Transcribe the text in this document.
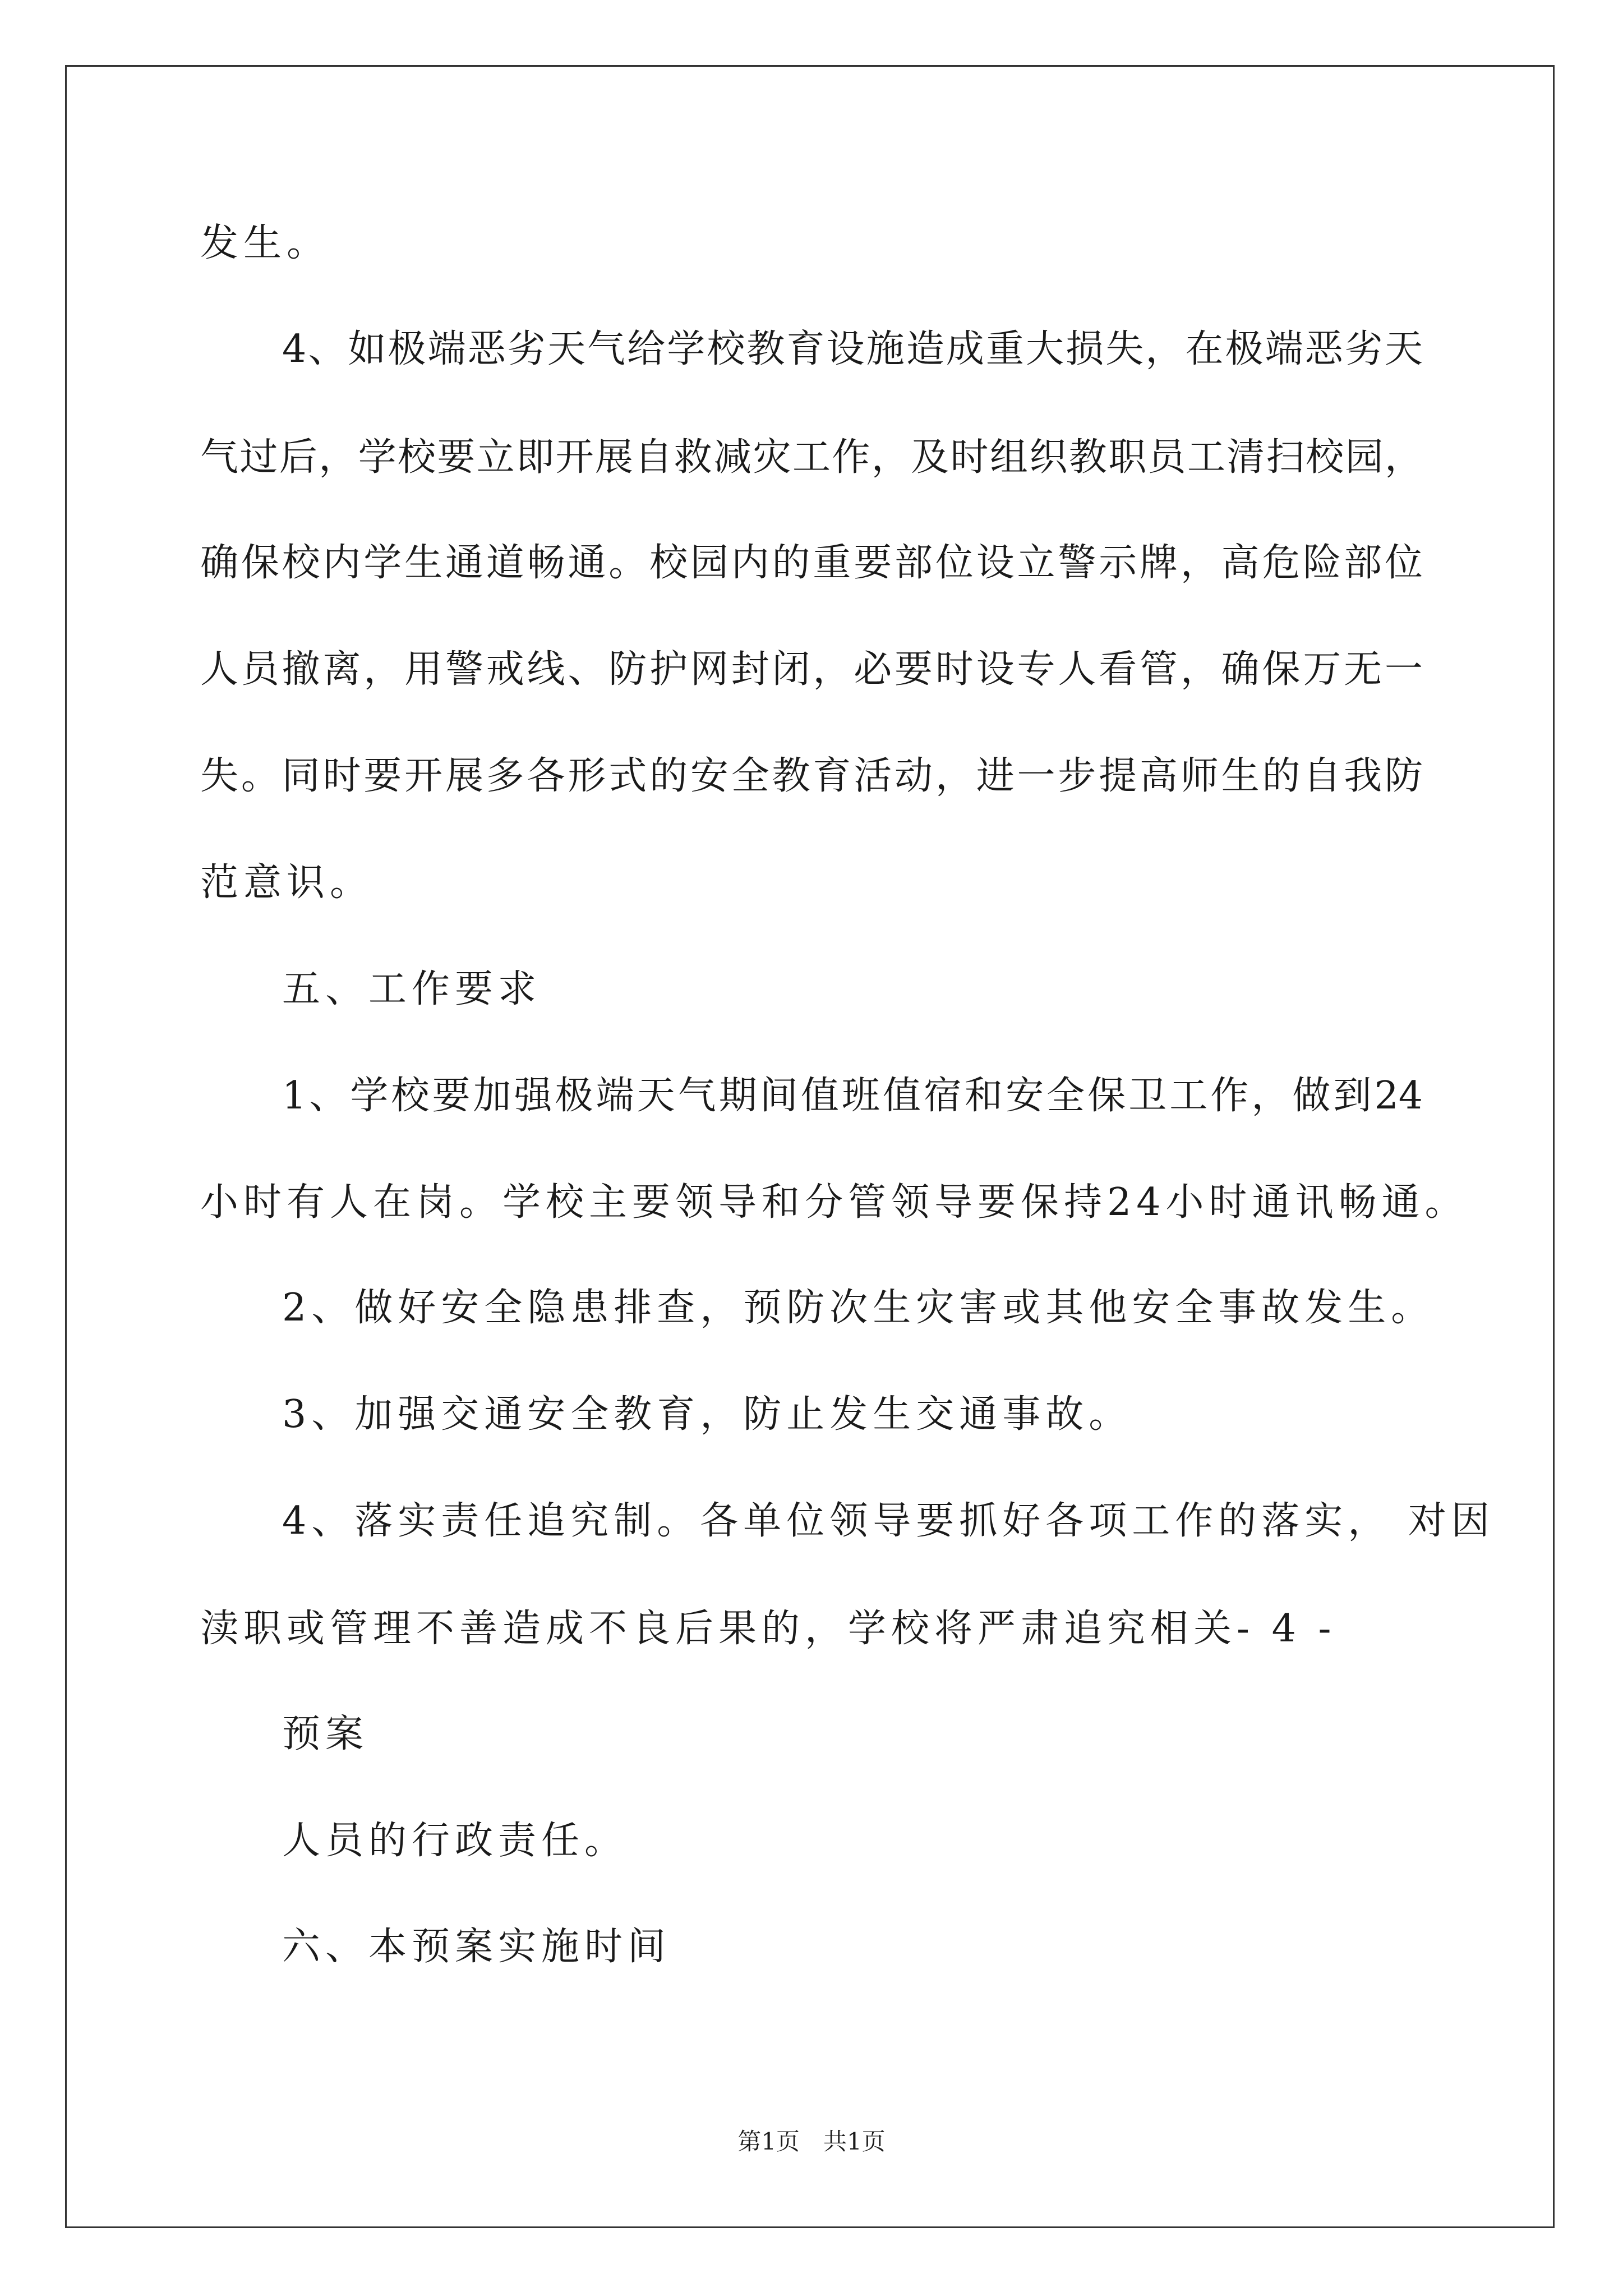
发生。
4、如极端恶劣天气给学校教育设施造成重大损失，在极端恶劣天
气过后，学校要立即开展自救减灾工作，及时组织教职员工清扫校园，
确保校内学生通道畅通。校园内的重要部位设立警示牌，高危险部位
人员撤离，用警戒线、防护网封闭，必要时设专人看管，确保万无一
失。同时要开展多各形式的安全教育活动，进一步提高师生的自我防
范意识。
五、工作要求
1、学校要加强极端天气期间值班值宿和安全保卫工作，做到24
小时有人在岗。学校主要领导和分管领导要保持24小时通讯畅通。
2、做好安全隐患排查，预防次生灾害或其他安全事故发生。
3、加强交通安全教育，防止发生交通事故。
4、落实责任追究制。各单位领导要抓好各项工作的落实， 对因
渎职或管理不善造成不良后果的，学校将严肃追究相关- 4 -
预案
人员的行政责任。
六、本预案实施时间
第1页　共1页
